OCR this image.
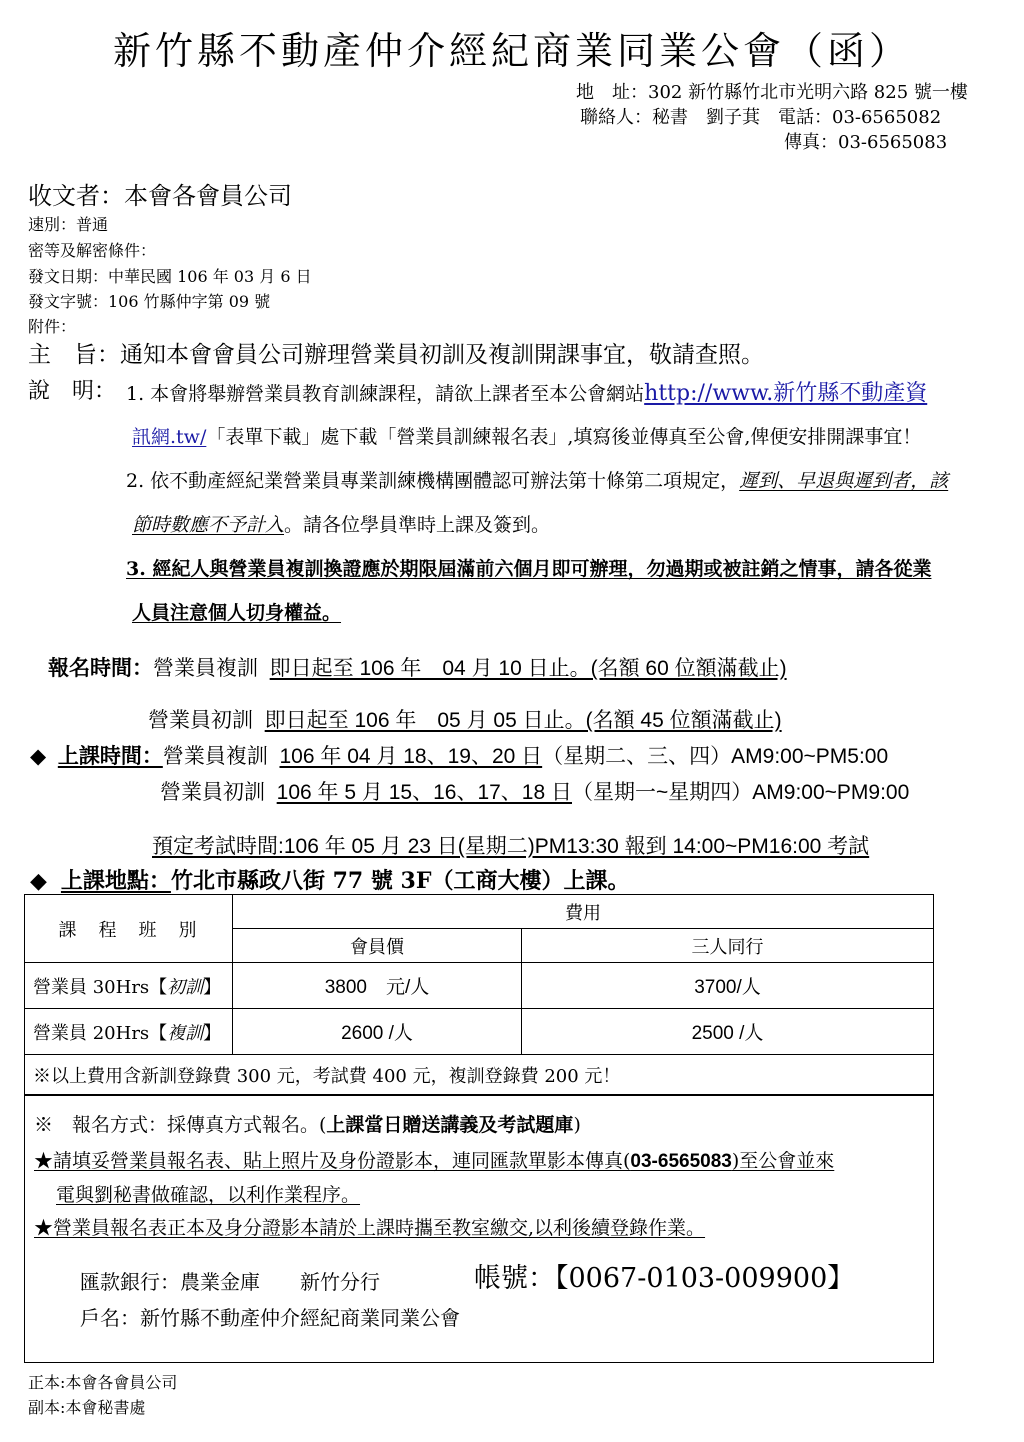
新竹縣不動產仲介經紀商業同業公會（函）
地　址：302 新竹縣竹北市光明六路 825 號一樓
聯絡人：秘書　劉子萁　電話：03-6565082
傳真：03-6565083
收文者：本會各會員公司
速別：普通
密等及解密條件：
發文日期：中華民國 106 年 03 月 6 日
發文字號：106 竹縣仲字第 09 號
附件：
主　旨：通知本會會員公司辦理營業員初訓及複訓開課事宜，敬請查照。
說　明： 1. 本會將舉辦營業員教育訓練課程，請欲上課者至本公會網站http://www.新竹縣不動產資
訊網.tw/「表單下載」處下載「營業員訓練報名表」,填寫後並傳真至公會,俾便安排開課事宜！
2. 依不動產經紀業營業員專業訓練機構團體認可辦法第十條第二項規定，遲到、早退與遲到者，該
節時數應不予計入。請各位學員準時上課及簽到。
3. 經紀人與營業員複訓換證應於期限屆滿前六個月即可辦理，勿過期或被註銷之情事，請各從業
人員注意個人切身權益。
報名時間：營業員複訓 即日起至 106 年　04 月 10 日止。(名額 60 位額滿截止)
營業員初訓 即日起至 106 年　05 月 05 日止。(名額 45 位額滿截止)
◆ 上課時間：營業員複訓 106 年 04 月 18、19、20 日（星期二、三、四）AM9:00~PM5:00
營業員初訓 106 年 5 月 15、16、17、18 日（星期一~星期四）AM9:00~PM9:00
預定考試時間:106 年 05 月 23 日(星期二)PM13:30 報到 14:00~PM16:00 考試
◆ 上課地點：竹北市縣政八街 77 號 3F（工商大樓）上課。
課　程　班　別	費用	
	會員價	三人同行
營業員 30Hrs【初訓】	3800　元/人	3700/人
營業員 20Hrs【複訓】	2600 /人	2500 /人
※以上費用含新訓登錄費 300 元，考試費 400 元，複訓登錄費 200 元！		
※　報名方式：採傳真方式報名。(上課當日贈送講義及考試題庫)
★請填妥營業員報名表、貼上照片及身份證影本，連同匯款單影本傳真(03-6565083)至公會並來
電與劉秘書做確認，以利作業程序。
★營業員報名表正本及身分證影本請於上課時攜至教室繳交,以利後續登錄作業。
匯款銀行：農業金庫　　新竹分行	帳號：【0067-0103-009900】
戶名：新竹縣不動產仲介經紀商業同業公會
正本:本會各會員公司
副本:本會秘書處
